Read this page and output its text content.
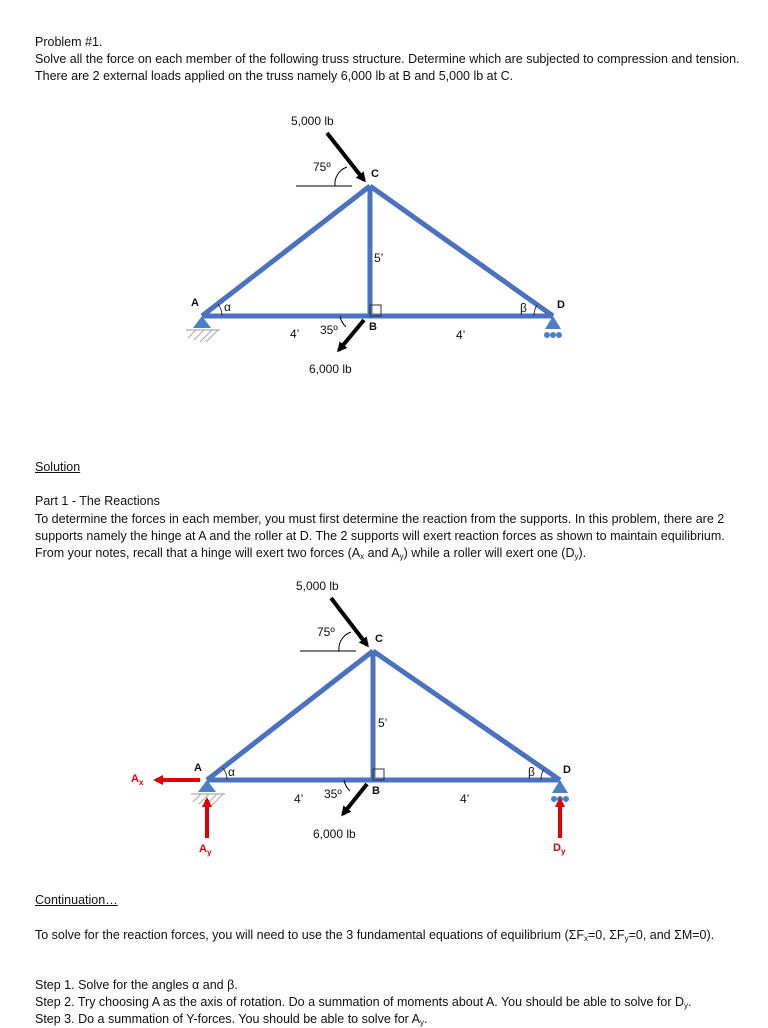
Problem #1.

Solve all the force on each member of the following truss structure. Determine which are subjected to compression and tension. There are 2 external loads applied on the truss namely 6,000 lb at B and 5,000 lb at C.

5,000 lb
75º	C
5’
A α	β	D
4’ 35º	B
4’
6,000 lb

Solution

Part 1 - The Reactions

To determine the forces in each member, you must first determine the reaction from the supports. In this problem, there are 2 supports namely the hinge at A and the roller at D. The 2 supports will exert reaction forces as shown to maintain equilibrium. From your notes, recall that a hinge will exert two forces ($A_x$ and $A_y$) while a roller will exert one $(D_y)$.

$A_x$
$A_y$	$D_y$
5,000 lb
75º	C
5’
A α	β	D
4’ 35º	B
4’
6,000 lb

Continuation…

To solve for the reaction forces, you will need to use the 3 fundamental equations of equilibrium ($\Sigma F_x=0$, $\Sigma F_y=0$, and ΣM=0).

Step 1. Solve for the angles α and β.

Step 2. Try choosing A as the axis of rotation. Do a summation of moments about A. You should be able to solve for $D_y$.

Step 3. Do a summation of Y-forces. You should be able to solve for $A_y$.
